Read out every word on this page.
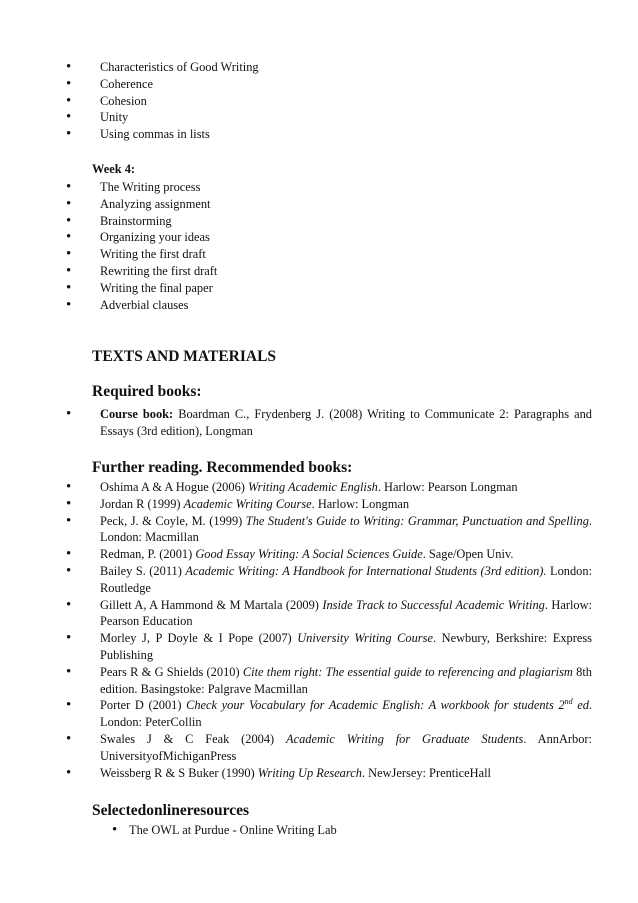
• Characteristics of Good Writing
• Coherence
• Cohesion
• Unity
• Using commas in lists
Week 4:
• The Writing process
• Analyzing assignment
• Brainstorming
• Organizing your ideas
• Writing the first draft
• Rewriting the first draft
• Writing the final paper
• Adverbial clauses
TEXTS AND MATERIALS
Required books:
• Course book: Boardman C., Frydenberg J. (2008) Writing to Communicate 2: Paragraphs and Essays (3rd edition), Longman
Further reading. Recommended books:
• Oshima A & A Hogue (2006) Writing Academic English. Harlow: Pearson Longman
• Jordan R (1999) Academic Writing Course. Harlow: Longman
• Peck, J. & Coyle, M. (1999) The Student's Guide to Writing: Grammar, Punctuation and Spelling. London: Macmillan
• Redman, P. (2001) Good Essay Writing: A Social Sciences Guide. Sage/Open Univ.
• Bailey S. (2011) Academic Writing: A Handbook for International Students (3rd edition). London: Routledge
• Gillett A, A Hammond & M Martala (2009) Inside Track to Successful Academic Writing. Harlow: Pearson Education
• Morley J, P Doyle & I Pope (2007) University Writing Course. Newbury, Berkshire: Express Publishing
• Pears R & G Shields (2010) Cite them right: The essential guide to referencing and plagiarism 8th edition. Basingstoke: Palgrave Macmillan
• Porter D (2001) Check your Vocabulary for Academic English: A workbook for students 2nd ed. London: PeterCollin
• Swales J & C Feak (2004) Academic Writing for Graduate Students. AnnArbor: UniversityofMichiganPress
• Weissberg R & S Buker (1990) Writing Up Research. NewJersey: PrenticeHall
Selectedonlineresources
• The OWL at Purdue - Online Writing Lab
